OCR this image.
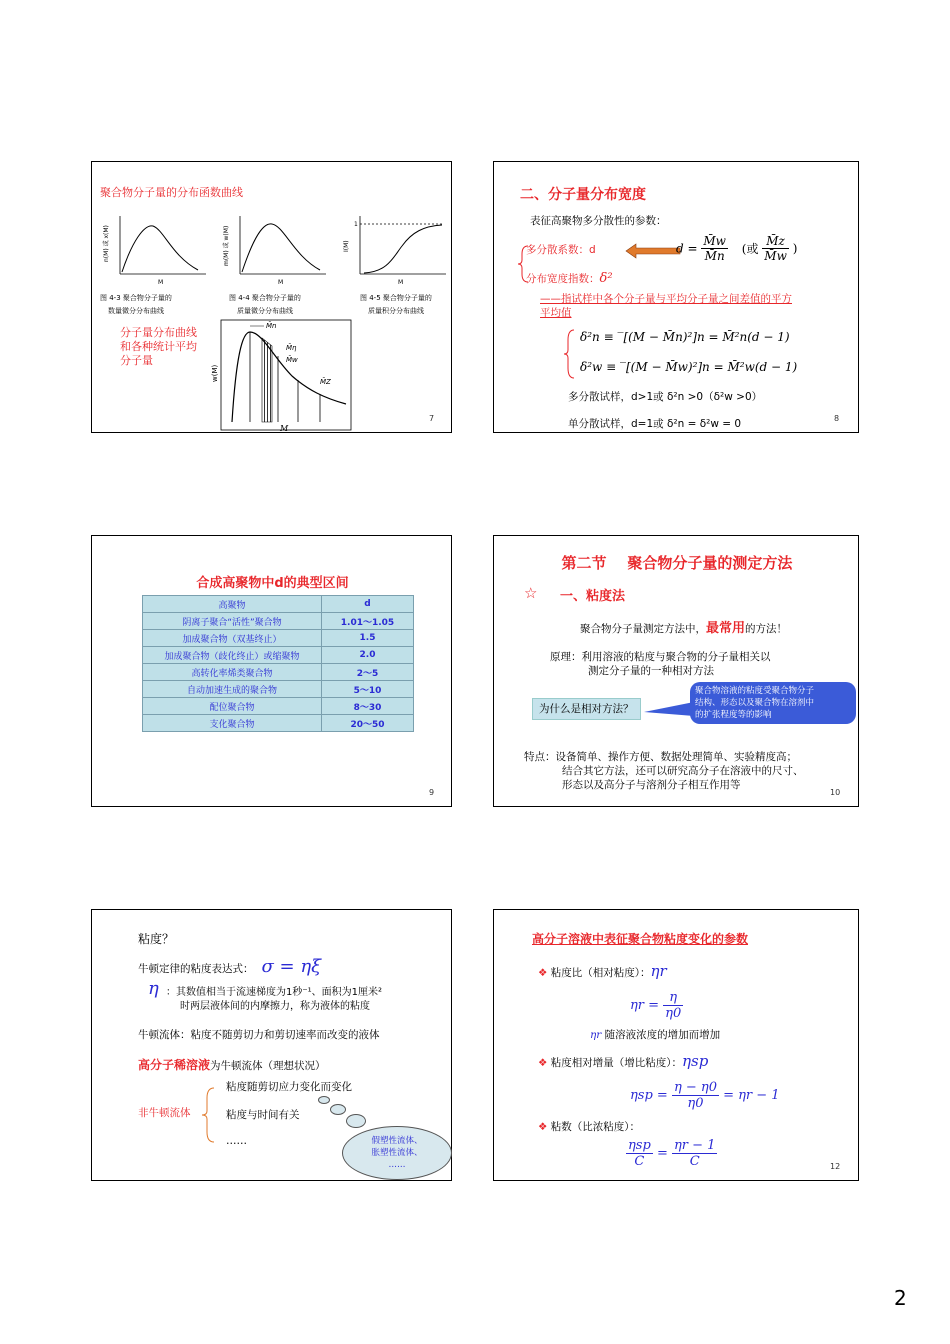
聚合物分子量的分布函数曲线
n(M) 或 x(M)
M
m(M) 或 w(M)
M
1
I(M)
M
图 4-3 聚合物分子量的
数量微分分布曲线
图 4-4 聚合物分子量的
质量微分分布曲线
图 4-5 聚合物分子量的
质量积分分布曲线
分子量分布曲线
和各种统计平均
分子量
M̄n
M̄η
M̄w
M̄Z
w(M)
M
7
二、分子量分布宽度
表征高聚物多分散性的参数：
多分散系数：d	$d = \frac{M̄w}{M̄n}$ (或 $\frac{M̄z}{M̄w}$ )
分布宽度指数：δ²
——指试样中各个分子量与平均分子量之间差值的平方
平均值
δ²n ≡ ‾[(M − M̄n)²]n = M̄²n(d − 1)
δ²w ≡ ‾[(M − M̄w)²]n = M̄²w(d − 1)
多分散试样，d>1或 δ²n >0（δ²w >0）
单分散试样，d=1或 δ²n = δ²w = 0	8
合成高聚物中d的典型区间
高聚物	d
阴离子聚合“活性”聚合物	1.01～1.05
加成聚合物（双基终止）	1.5
加成聚合物（歧化终止）或缩聚物	2.0
高转化率烯类聚合物	2～5
自动加速生成的聚合物	5～10
配位聚合物	8～30
支化聚合物	20～50
9
第二节    聚合物分子量的测定方法
☆ 一、粘度法
聚合物分子量测定方法中，最常用的方法！
原理：利用溶液的粘度与聚合物的分子量相关以
测定分子量的一种相对方法
为什么是相对方法？
聚合物溶液的粘度受聚合物分子
结构、形态以及聚合物在溶剂中
的扩张程度等的影响
特点：设备简单、操作方便、数据处理简单、实验精度高；
结合其它方法，还可以研究高分子在溶液中的尺寸、
形态以及高分子与溶剂分子相互作用等
10
粘度？
牛顿定律的粘度表达式： σ = ηξ
η ：其数值相当于流速梯度为1秒⁻¹、面积为1厘米²
时两层液体间的内摩擦力，称为液体的粘度
牛顿流体：粘度不随剪切力和剪切速率而改变的液体
高分子稀溶液为牛顿流体（理想状况）
非牛顿流体
粘度随剪切应力变化而变化
粘度与时间有关
……	假塑性流体、
胀塑性流体、
……
高分子溶液中表征聚合物粘度变化的参数
❖ 粘度比（相对粘度）：ηr
$\eta r = \frac{\eta}{\eta 0}$
ηr 随溶液浓度的增加而增加
❖ 粘度相对增量（增比粘度）：ηsp
$\eta sp = \frac{\eta - \eta 0}{\eta 0} = \eta r - 1$
❖ 粘数（比浓粘度）：
$\frac{\text{ηsp}}{C} = \frac{\eta r - 1}{C}$	12
2
